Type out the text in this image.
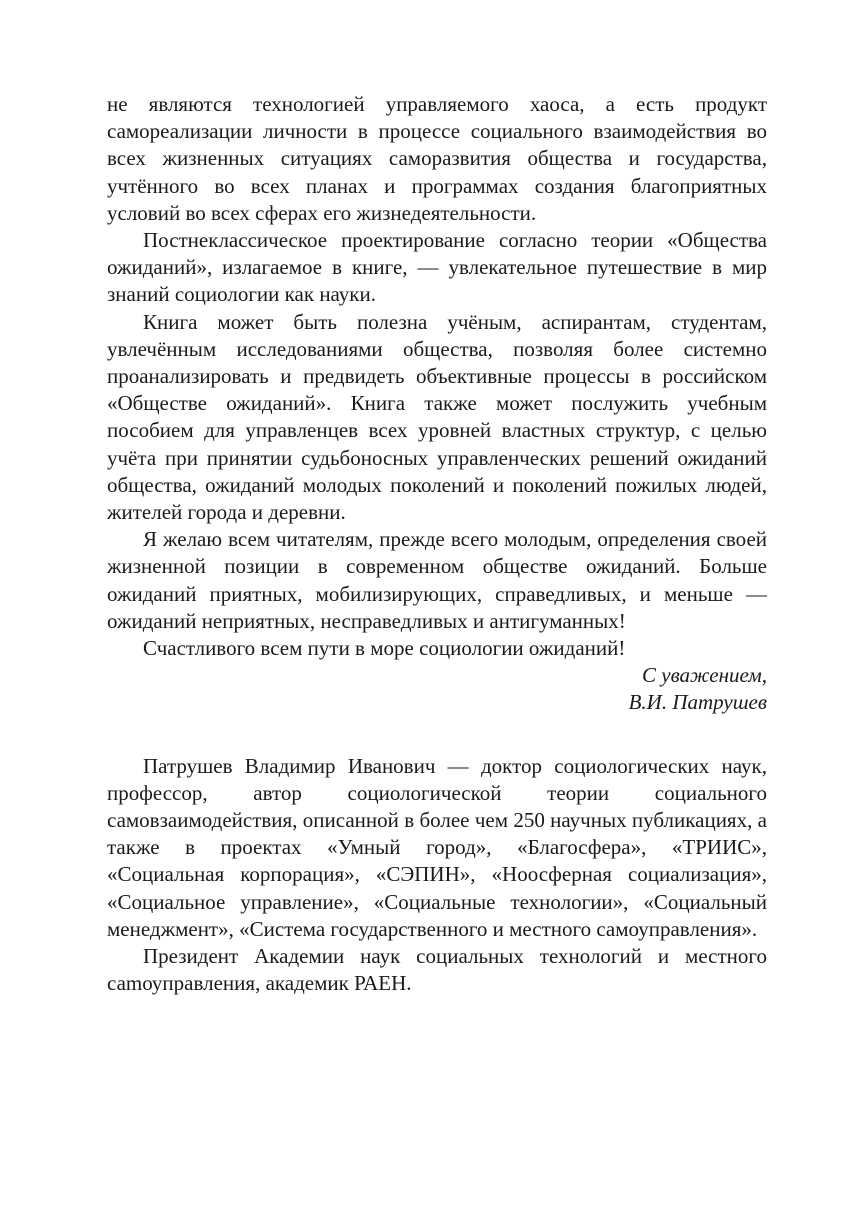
не являются технологией управляемого хаоса, а есть продукт самореализации личности в процессе социального взаимодействия во всех жизненных ситуациях саморазвития общества и государства, учтённого во всех планах и программах создания благоприятных условий во всех сферах его жизнедеятельности.

Постнеклассическое проектирование согласно теории «Общества ожиданий», излагаемое в книге, — увлекательное путешествие в мир знаний социологии как науки.

Книга может быть полезна учёным, аспирантам, студентам, увлечённым исследованиями общества, позволяя более системно проанализировать и предвидеть объективные процессы в российском «Обществе ожиданий». Книга также может послужить учебным пособием для управленцев всех уровней властных структур, с целью учёта при принятии судьбоносных управленческих решений ожиданий общества, ожиданий молодых поколений и поколений пожилых людей, жителей города и деревни.

Я желаю всем читателям, прежде всего молодым, определения своей жизненной позиции в современном обществе ожиданий. Больше ожиданий приятных, мобилизирующих, справедливых, и меньше — ожиданий неприятных, несправедливых и антигуманных!

Счастливого всем пути в море социологии ожиданий!

С уважением,

В.И. Патрушев

Патрушев Владимир Иванович — доктор социологических наук, профессор, автор социологической теории социального самовзаимодействия, описанной в более чем 250 научных публикациях, а также в проектах «Умный город», «Благосфера», «ТРИИС», «Социальная корпорация», «СЭПИН», «Ноосферная социализация», «Социальное управление», «Социальные технологии», «Социальный менеджмент», «Система государственного и местного самоуправления».

Президент Академии наук социальных технологий и местного саmоуправления, академик РАЕН.
